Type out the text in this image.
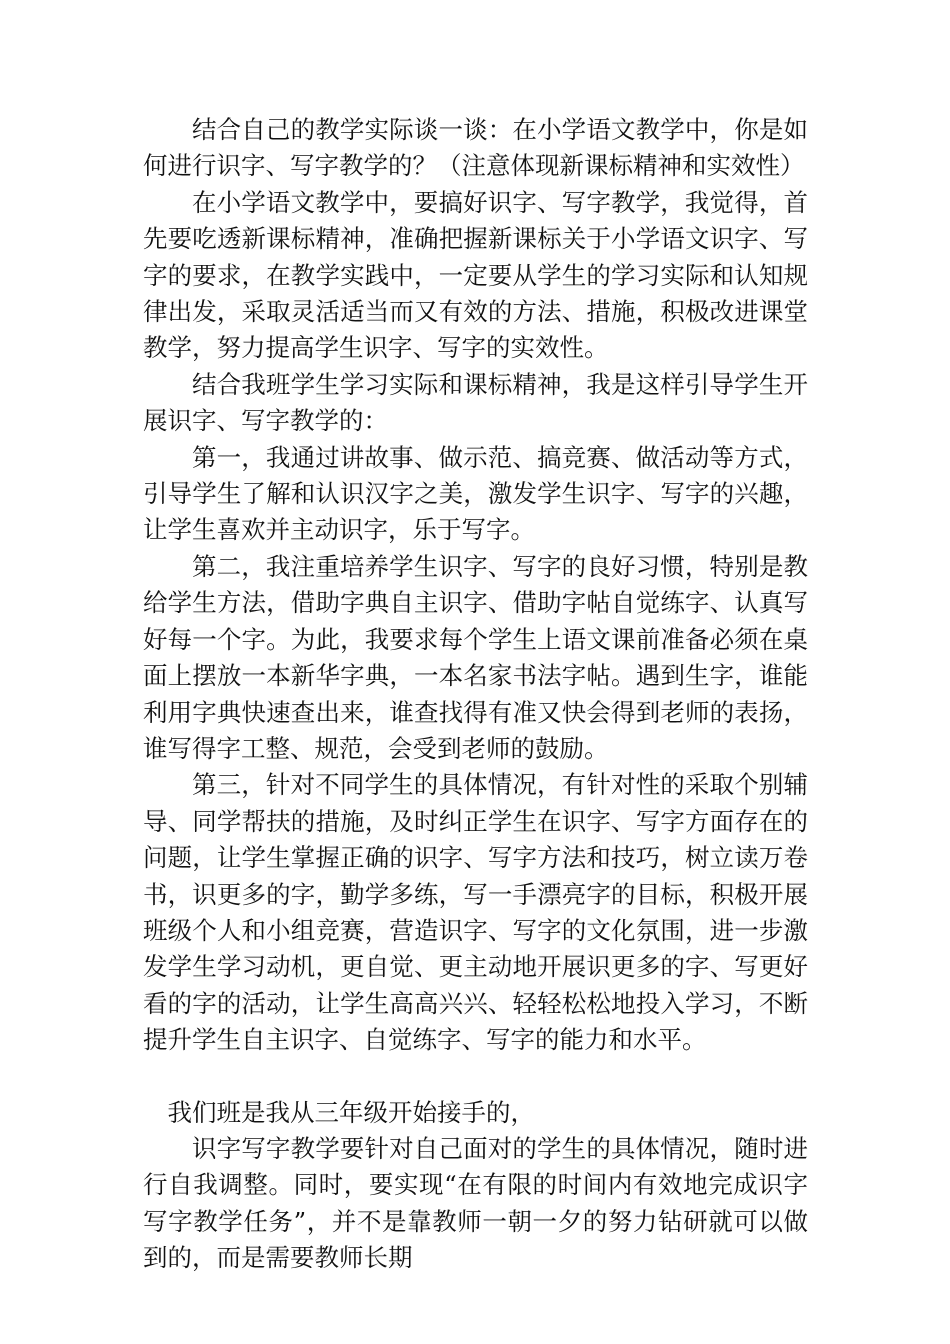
结合自己的教学实际谈一谈：在小学语文教学中，你是如何进行识字、写字教学的？（注意体现新课标精神和实效性）

在小学语文教学中，要搞好识字、写字教学，我觉得，首先要吃透新课标精神，准确把握新课标关于小学语文识字、写字的要求，在教学实践中，一定要从学生的学习实际和认知规律出发，采取灵活适当而又有效的方法、措施，积极改进课堂教学，努力提高学生识字、写字的实效性。

结合我班学生学习实际和课标精神，我是这样引导学生开展识字、写字教学的：

第一，我通过讲故事、做示范、搞竞赛、做活动等方式，引导学生了解和认识汉字之美，激发学生识字、写字的兴趣，让学生喜欢并主动识字，乐于写字。

第二，我注重培养学生识字、写字的良好习惯，特别是教给学生方法，借助字典自主识字、借助字帖自觉练字、认真写好每一个字。为此，我要求每个学生上语文课前准备必须在桌面上摆放一本新华字典，一本名家书法字帖。遇到生字，谁能利用字典快速查出来，谁查找得有准又快会得到老师的表扬，谁写得字工整、规范，会受到老师的鼓励。

第三，针对不同学生的具体情况，有针对性的采取个别辅导、同学帮扶的措施，及时纠正学生在识字、写字方面存在的问题，让学生掌握正确的识字、写字方法和技巧，树立读万卷书，识更多的字，勤学多练，写一手漂亮字的目标，积极开展班级个人和小组竞赛，营造识字、写字的文化氛围，进一步激发学生学习动机，更自觉、更主动地开展识更多的字、写更好看的字的活动，让学生高高兴兴、轻轻松松地投入学习，不断提升学生自主识字、自觉练字、写字的能力和水平。

我们班是我从三年级开始接手的，

识字写字教学要针对自己面对的学生的具体情况，随时进行自我调整。同时，要实现“在有限的时间内有效地完成识字写字教学任务”，并不是靠教师一朝一夕的努力钻研就可以做到的，而是需要教师长期
